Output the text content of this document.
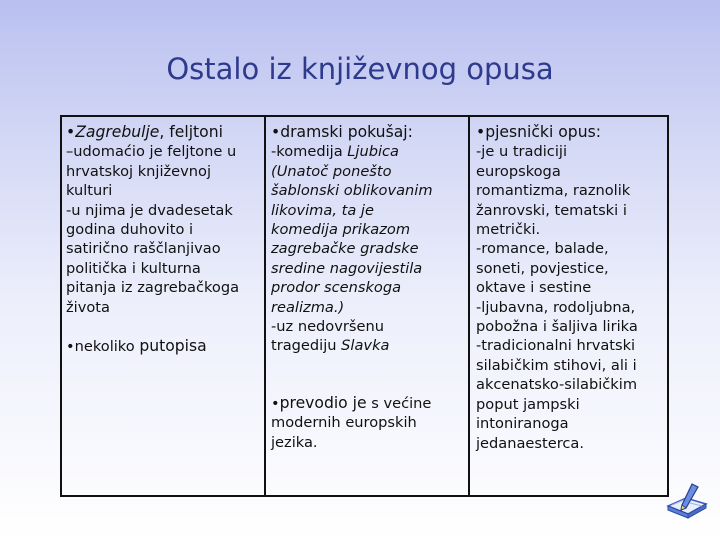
Ostalo iz književnog opusa
•Zagrebulje, feljtoni
–udomaćio je feljtone u
hrvatskoj književnoj
kulturi
-u njima je dvadesetak
godina duhovito i
satirično raščlanjivao
politička i kulturna
pitanja iz zagrebačkoga
života
•nekoliko putopisa
•dramski pokušaj:
-komedija Ljubica
(Unatoč ponešto
šablonski oblikovanim
likovima, ta je
komedija prikazom
zagrebačke gradske
sredine nagovijestila
prodor scenskoga
realizma.)
-uz nedovršenu
tragediju Slavka
•prevodio je s većine
modernih europskih
jezika.
•pjesnički opus:
-je u tradiciji
europskoga
romantizma, raznolik
žanrovski, tematski i
metrički.
-romance, balade,
soneti, povjestice,
oktave i sestine
-ljubavna, rodoljubna,
pobožna i šaljiva lirika
-tradicionalni hrvatski
silabičkim stihovi, ali i
akcenatsko-silabičkim
poput jampski
intoniranoga
jedanaesterca.
